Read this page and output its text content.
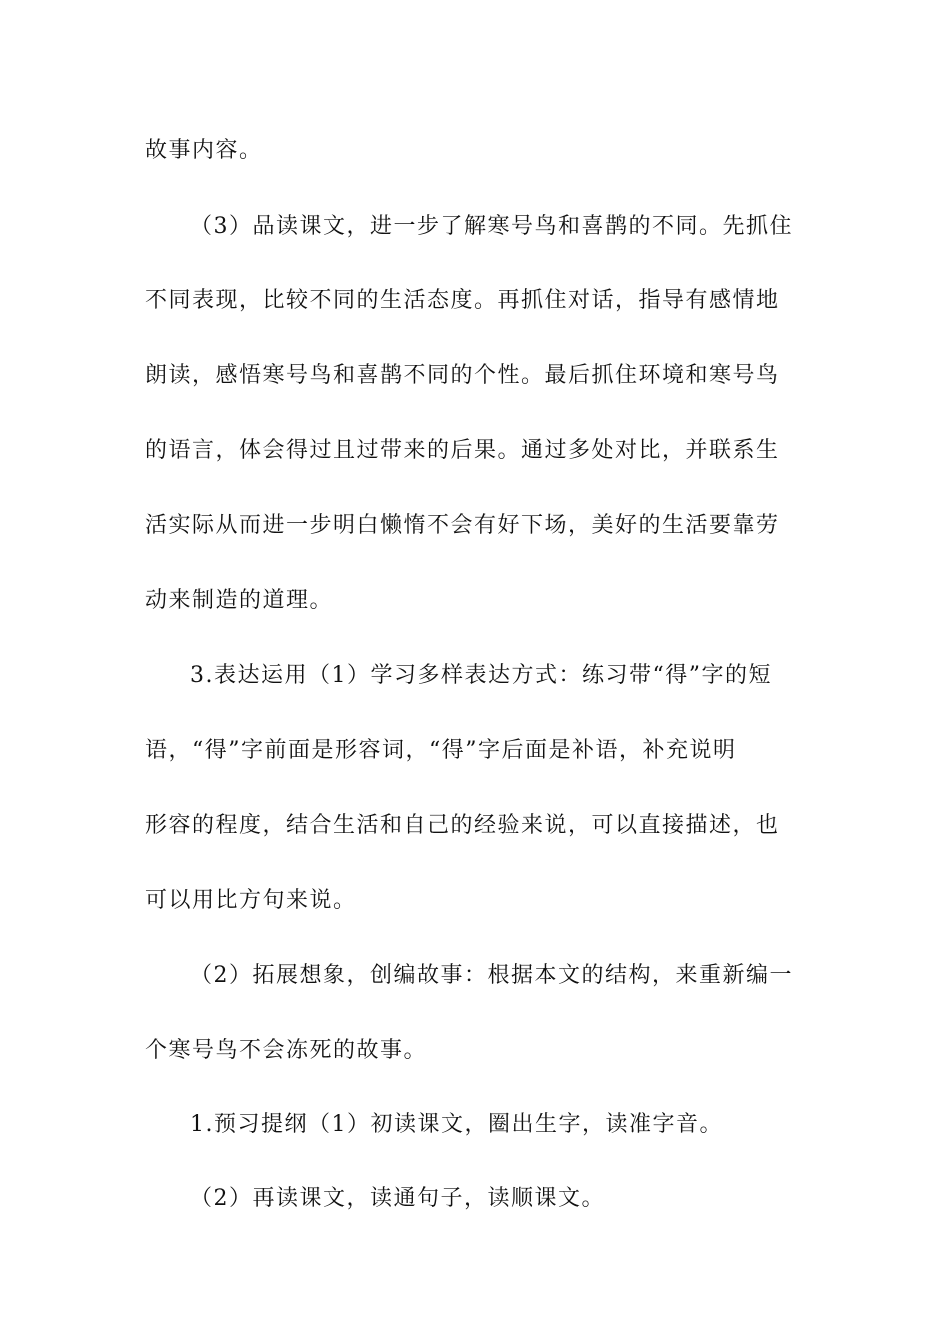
故事内容。

（3）品读课文，进一步了解寒号鸟和喜鹊的不同。先抓住

不同表现，比较不同的生活态度。再抓住对话，指导有感情地

朗读，感悟寒号鸟和喜鹊不同的个性。最后抓住环境和寒号鸟

的语言，体会得过且过带来的后果。通过多处对比，并联系生

活实际从而进一步明白懒惰不会有好下场，美好的生活要靠劳

动来制造的道理。

3.表达运用（1）学习多样表达方式：练习带“得”字的短

语，“得”字前面是形容词，“得”字后面是补语，补充说明

形容的程度，结合生活和自己的经验来说，可以直接描述，也

可以用比方句来说。

（2）拓展想象，创编故事：根据本文的结构，来重新编一

个寒号鸟不会冻死的故事。

1.预习提纲（1）初读课文，圈出生字，读准字音。

（2）再读课文，读通句子，读顺课文。
